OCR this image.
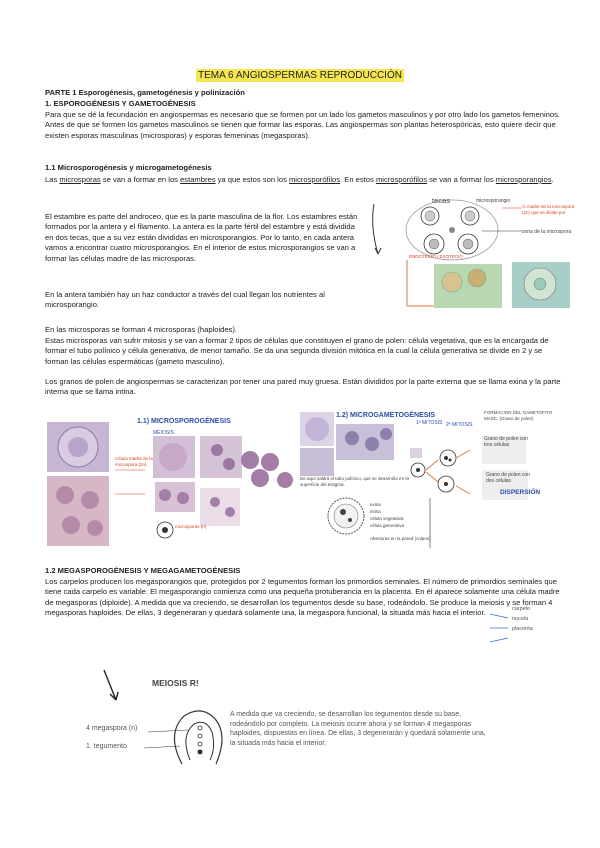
TEMA 6 ANGIOSPERMAS REPRODUCCIÓN
PARTE 1 Esporogénesis, gametogénesis y polinización
1. ESPOROGÉNESIS Y GAMETOGÉNESIS
Para que se dé la fecundación en angiospermas es necesario que se formen por un lado los gametos masculinos y por otro lado los gametos femeninos. Antes de que se formen los gametos masculinos se tienen que formar las esporas. Las angiospermas son plantas heterospóricas, esto quiere decir que existen esporas masculinas (microsporas) y esporas femeninas (megasporas).
1.1 Microsporogénesis y microgametogénesis
Las microsporas se van a formar en los estambres ya que estos son los microsporófilos. En estos microsporófilos se van a formar los microsporangios.
El estambre es parte del androceo, que es la parte masculina de la flor. Los estambres están formados por la antera y el filamento. La antera es la parte fértil del estambre y está dividida en dos tecas, que a su vez están divididas en microsporangios. Por lo tanto, en cada antera vamos a encontrar cuatro microsporangios. En el interior de estos microsporangios se van a formar las células madre de las microsporas.
En la antera también hay un haz conductor a través del cual llegan los nutrientes al microsporangio.
tecas	microsporangio
½ madre de la microspora (2n) que se divide por
zona de la microspora
ENDOTECIO / EXOTECIO
En las microsporas se forman 4 microsporas (haploides).
Estas microsporas van sufrir mitosis y se van a formar 2 tipos de células que constituyen el grano de polen: célula vegetativa, que es la encargada de formar el tubo polínico y célula generativa, de menor tamaño. Se da una segunda división mitótica en la cual la célula generativa se divide en 2 y se forman las células espermáticas (gameto masculino).
Los granos de polen de angiospermas se caracterizan por tener una pared muy gruesa. Están divididos por la parte externa que se llama exina y la parte interna que se llama intina.
1.1) MICROSPOROGÉNESIS
MEIOSIS
Célula madre de la microspora (2n)
microsporas (n)
1.2) MICROGAMETOGÉNESIS
1ª MITOSIS 2ª MITOSIS
FORMACIÓN DEL GAMETOFITO MASC. (Grano de polen)
Grano de polen con tres células
Grano de polen con dos células
DISPERSIÓN
De aquí saldrá el tubo polínico, que se desarrolla en la superficie del estigma.
exina
intina
célula vegetativa
célula generativa
Aberturas en la pared (colpos)
1.2 MEGASPOROGÉNESIS Y MEGAGAMETOGÉNESIS
Los carpelos producen los megasporangios que, protegidos por 2 tegumentos forman los primordios seminales. El número de primordios seminales que tiene cada carpelo es variable. El megasporangio comienza como una pequeña protuberancia en la placenta. En él aparece solamente una célula madre de megasporas (diploide). A medida que va creciendo, se desarrollan los tegumentos desde su base, rodeándolo. Se produce la meiosis y se forman 4 megasporas haploides. De ellas, 3 degeneraran y quedará solamente una, la megaspora funcional, la situada más hacia el interior.
nucela
placenta
carpelo
MEIOSIS R!
4 megaspora (n)
1. tegumento
A medida que va creciendo, se desarrollan los tegumentos desde su base, rodeándolo por completo. La meiosis ocurre ahora y se forman 4 megasporas haploides, dispuestas en línea. De ellas, 3 degenerarán y quedará solamente una, la situada más hacia el interior.
